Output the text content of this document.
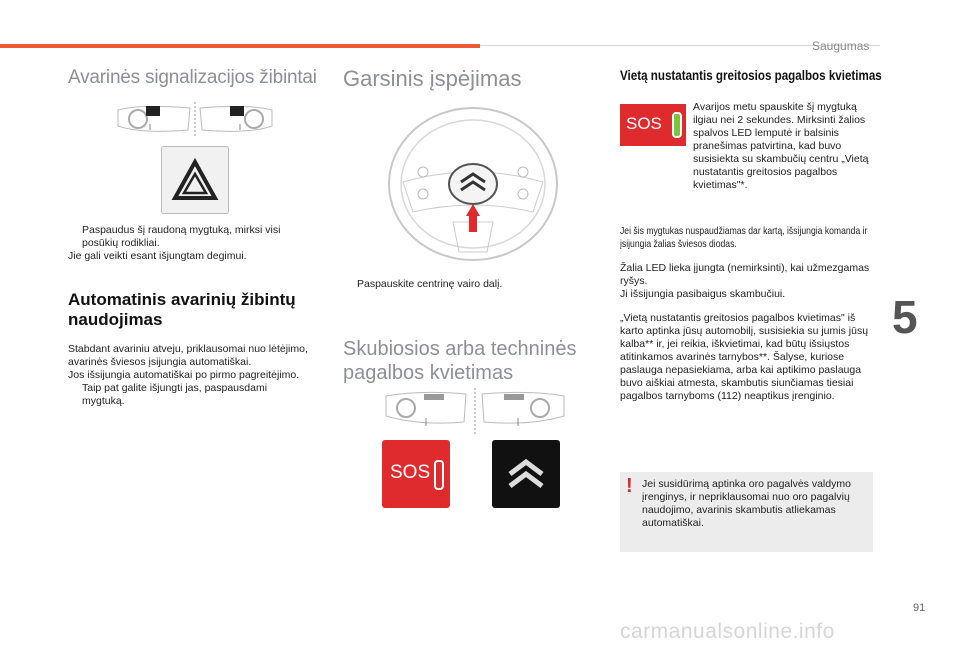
Saugumas
Avarinės signalizacijos žibintai
Paspaudus šį raudoną mygtuką, mirksi visi posūkių rodikliai.
Jie gali veikti esant išjungtam degimui.
Automatinis avarinių žibintų naudojimas
Stabdant avariniu atveju, priklausomai nuo lėtėjimo, avarinės šviesos įsijungia automatiškai.
Jos išsijungia automatiškai po pirmo pagreitėjimo.
Taip pat galite išjungti jas, paspausdami mygtuką.
Garsinis įspėjimas
Paspauskite centrinę vairo dalį.
Skubiosios arba techninės pagalbos kvietimas
SOS
Vietą nustatantis greitosios pagalbos kvietimas
SOS
Avarijos metu spauskite šį mygtuką ilgiau nei 2 sekundes. Mirksinti žalios spalvos LED lemputė ir balsinis pranešimas patvirtina, kad buvo susisiekta su skambučių centru „Vietą nustatantis greitosios pagalbos kvietimas"*.
Jei šis mygtukas nuspaudžiamas dar kartą, išsijungia komanda ir įsijungia žalias šviesos diodas.
Žalia LED lieka įjungta (nemirksinti), kai užmezgamas ryšys.
Ji išsijungia pasibaigus skambučiui.
„Vietą nustatantis greitosios pagalbos kvietimas" iš karto aptinka jūsų automobilį, susisiekia su jumis jūsų kalba** ir, jei reikia, iškvietimai, kad būtų išsiųstos atitinkamos avarinės tarnybos**. Šalyse, kuriose paslauga nepasiekiama, arba kai aptikimo paslauga buvo aiškiai atmesta, skambutis siunčiamas tiesiai pagalbos tarnyboms (112) neaptikus įrenginio.
! Jei susidūrimą aptinka oro pagalvės valdymo įrenginys, ir nepriklausomai nuo oro pagalvių naudojimo, avarinis skambutis atliekamas automatiškai.
5
91
carmanualsonline.info
